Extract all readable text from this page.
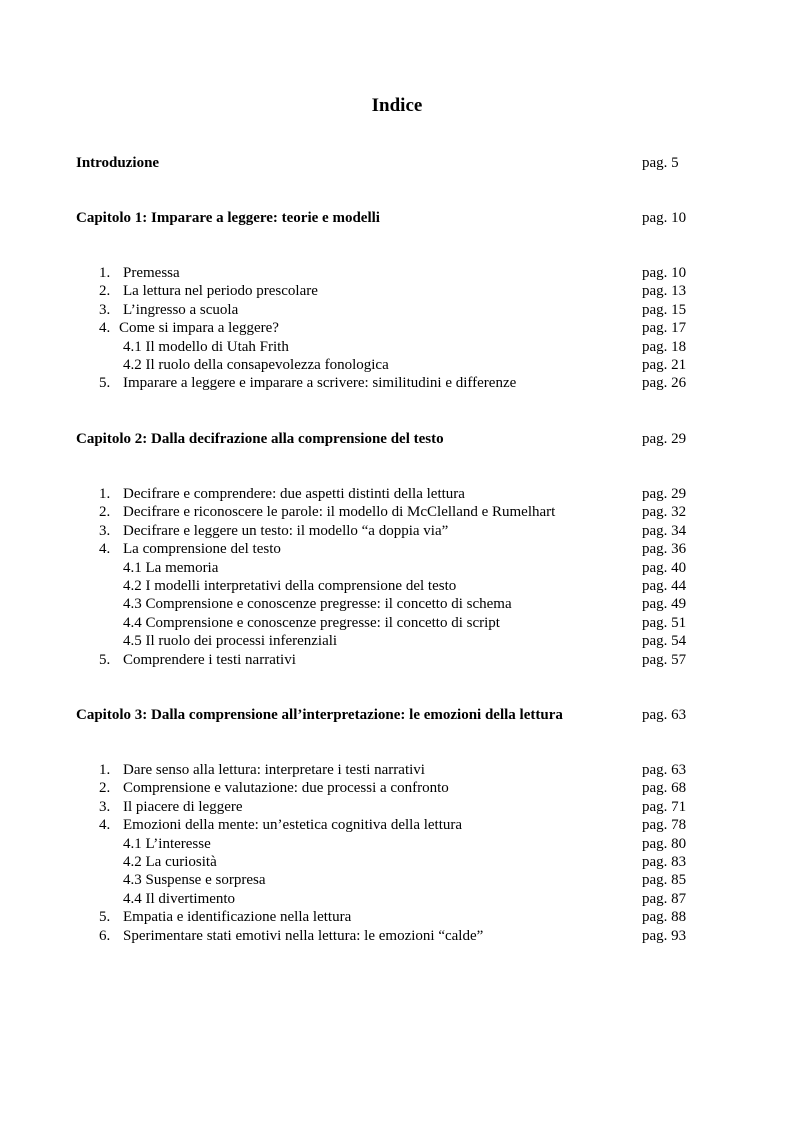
Indice
Introduzione	pag. 5
Capitolo 1: Imparare a leggere: teorie e modelli	pag. 10
1. Premessa	pag. 10
2. La lettura nel periodo prescolare	pag. 13
3. L’ingresso a scuola	pag. 15
4. Come si impara a leggere?	pag. 17
4.1 Il modello di Utah Frith	pag. 18
4.2 Il ruolo della consapevolezza fonologica	pag. 21
5. Imparare a leggere e imparare a scrivere: similitudini e differenze	pag. 26
Capitolo 2: Dalla decifrazione alla comprensione del testo	pag. 29
1. Decifrare e comprendere: due aspetti distinti della lettura	pag. 29
2. Decifrare e riconoscere le parole: il modello di McClelland e Rumelhart	pag. 32
3. Decifrare e leggere un testo: il modello “a doppia via”	pag. 34
4. La comprensione del testo	pag. 36
4.1 La memoria	pag. 40
4.2 I modelli interpretativi della comprensione del testo	pag. 44
4.3 Comprensione e conoscenze pregresse: il concetto di schema	pag. 49
4.4 Comprensione e conoscenze pregresse: il concetto di script	pag. 51
4.5 Il ruolo dei processi inferenziali	pag. 54
5. Comprendere i testi narrativi	pag. 57
Capitolo 3: Dalla comprensione all’interpretazione: le emozioni della lettura	pag. 63
1. Dare senso alla lettura: interpretare i testi narrativi	pag. 63
2. Comprensione e valutazione: due processi a confronto	pag. 68
3. Il piacere di leggere	pag. 71
4. Emozioni della mente: un’estetica cognitiva della lettura	pag. 78
4.1 L’interesse	pag. 80
4.2 La curiosità	pag. 83
4.3 Suspense e sorpresa	pag. 85
4.4 Il divertimento	pag. 87
5. Empatia e identificazione nella lettura	pag. 88
6. Sperimentare stati emotivi nella lettura: le emozioni “calde”	pag. 93
